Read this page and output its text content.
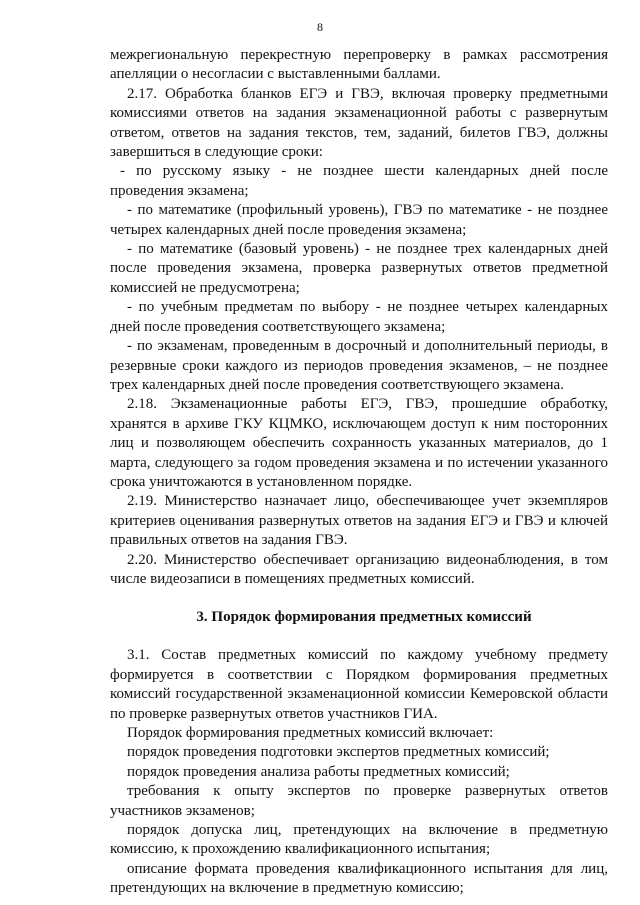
8

межрегиональную перекрестную перепроверку в рамках рассмотрения апелляции о несогласии с выставленными баллами.

2.17. Обработка бланков ЕГЭ и ГВЭ, включая проверку предметными комиссиями ответов на задания экзаменационной работы с развернутым ответом, ответов на задания текстов, тем, заданий, билетов ГВЭ, должны завершиться в следующие сроки:

- по русскому языку - не позднее шести календарных дней после проведения экзамена;

- по математике (профильный уровень), ГВЭ по математике - не позднее четырех календарных дней после проведения экзамена;

- по математике (базовый уровень) - не позднее трех календарных дней после проведения экзамена, проверка развернутых ответов предметной комиссией не предусмотрена;

- по учебным предметам по выбору - не позднее четырех календарных дней после проведения соответствующего экзамена;

- по экзаменам, проведенным в досрочный и дополнительный периоды, в резервные сроки каждого из периодов проведения экзаменов, – не позднее трех календарных дней после проведения соответствующего экзамена.

2.18. Экзаменационные работы ЕГЭ, ГВЭ, прошедшие обработку, хранятся в архиве ГКУ КЦМКО, исключающем доступ к ним посторонних лиц и позволяющем обеспечить сохранность указанных материалов, до 1 марта, следующего за годом проведения экзамена и по истечении указанного срока уничтожаются в установленном порядке.

2.19. Министерство назначает лицо, обеспечивающее учет экземпляров критериев оценивания развернутых ответов на задания ЕГЭ и ГВЭ и ключей правильных ответов на задания ГВЭ.

2.20. Министерство обеспечивает организацию видеонаблюдения, в том числе видеозаписи в помещениях предметных комиссий.

3. Порядок формирования предметных комиссий

3.1. Состав предметных комиссий по каждому учебному предмету формируется в соответствии с Порядком формирования предметных комиссий государственной экзаменационной комиссии Кемеровской области по проверке развернутых ответов участников ГИА.

Порядок формирования предметных комиссий включает:

порядок проведения подготовки экспертов предметных комиссий;

порядок проведения анализа работы предметных комиссий;

требования к опыту экспертов по проверке развернутых ответов участников экзаменов;

порядок допуска лиц, претендующих на включение в предметную комиссию, к прохождению квалификационного испытания;

описание формата проведения квалификационного испытания для лиц, претендующих на включение в предметную комиссию;
